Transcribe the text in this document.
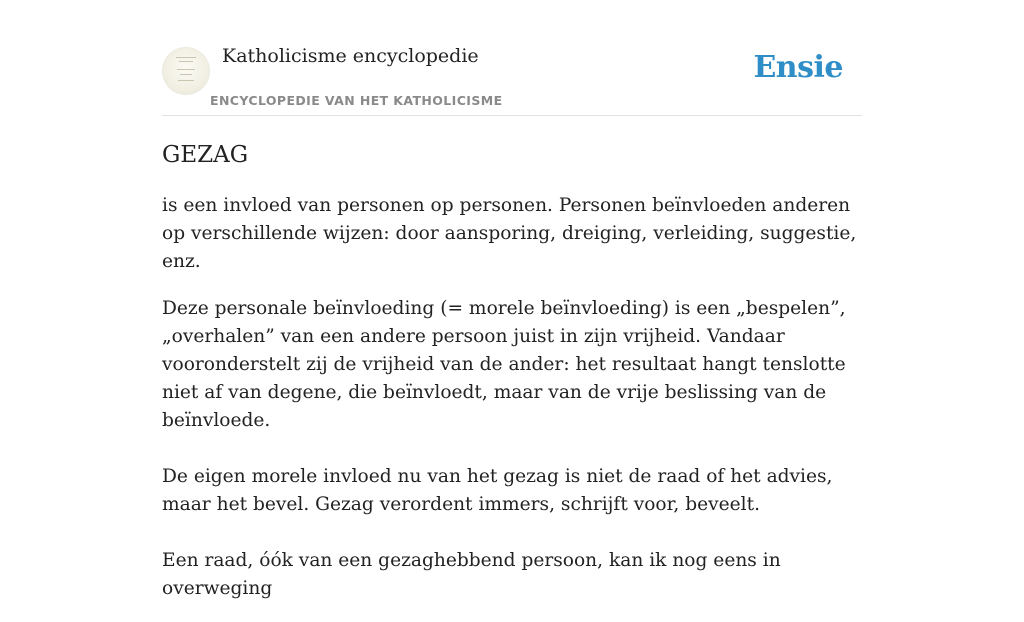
Katholicisme encyclopedie
ENCYCLOPEDIE VAN HET KATHOLICISME
Ensie
GEZAG

is een invloed van personen op personen. Personen beïnvloeden anderen op verschillende wijzen: door aansporing, dreiging, verleiding, suggestie, enz.

Deze personale beïnvloeding (= morele beïnvloeding) is een „bespelen”, „overhalen” van een andere persoon juist in zijn vrijheid. Vandaar vooronderstelt zij de vrijheid van de ander: het resultaat hangt tenslotte niet af van degene, die beïnvloedt, maar van de vrije beslissing van de beïnvloede.

De eigen morele invloed nu van het gezag is niet de raad of het advies, maar het bevel. Gezag verordent immers, schrijft voor, beveelt.

Een raad, óók van een gezaghebbend persoon, kan ik nog eens in overweging
